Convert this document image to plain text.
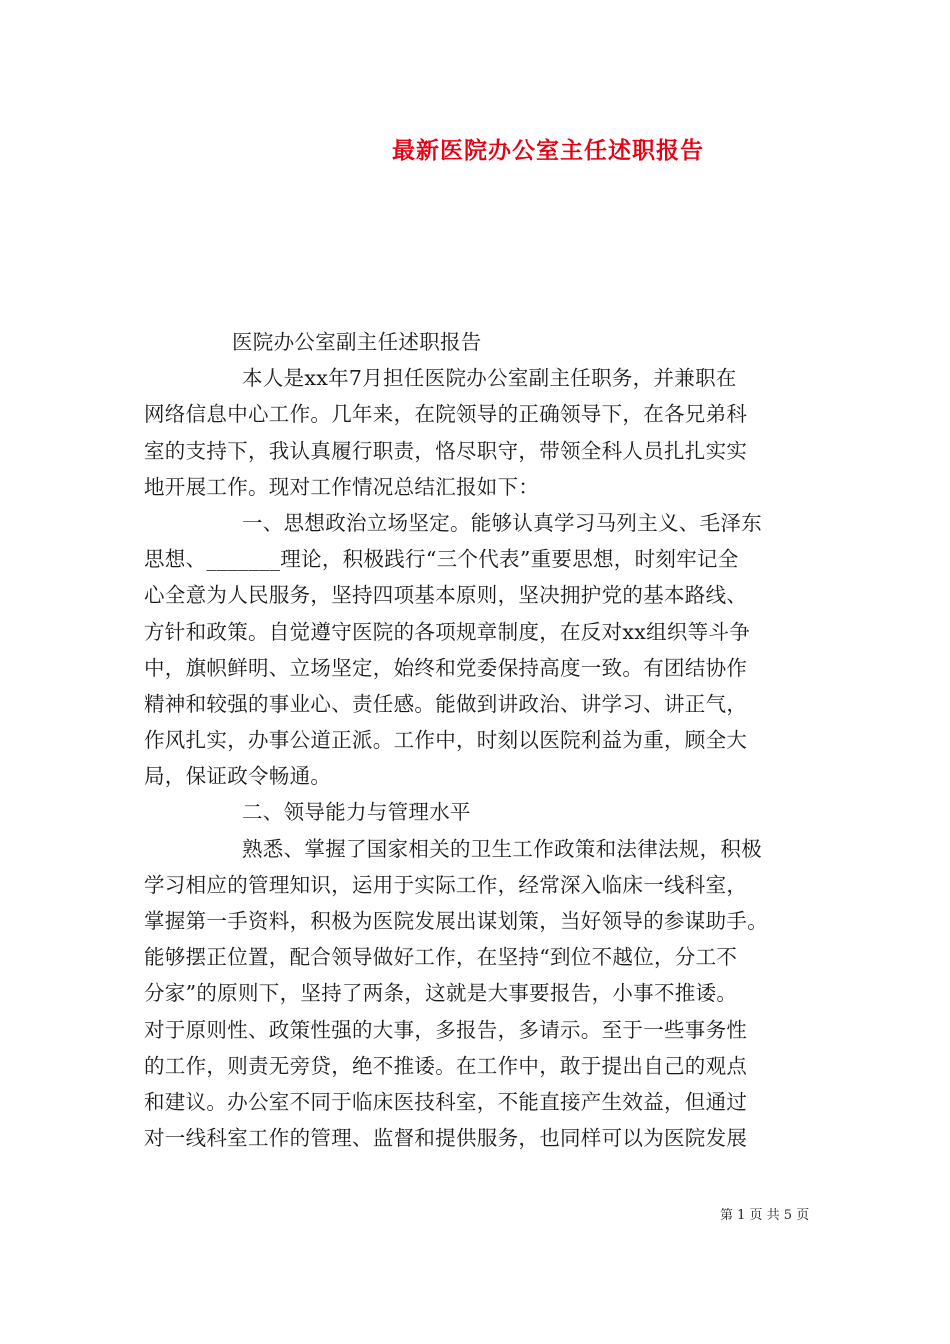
最新医院办公室主任述职报告
医院办公室副主任述职报告
本人是xx年7月担任医院办公室副主任职务，并兼职在
网络信息中心工作。几年来，在院领导的正确领导下，在各兄弟科
室的支持下，我认真履行职责，恪尽职守，带领全科人员扎扎实实
地开展工作。现对工作情况总结汇报如下：
一、思想政治立场坚定。能够认真学习马列主义、毛泽东
思想、_______理论，积极践行“三个代表”重要思想，时刻牢记全
心全意为人民服务，坚持四项基本原则，坚决拥护党的基本路线、
方针和政策。自觉遵守医院的各项规章制度，在反对xx组织等斗争
中，旗帜鲜明、立场坚定，始终和党委保持高度一致。有团结协作
精神和较强的事业心、责任感。能做到讲政治、讲学习、讲正气，
作风扎实，办事公道正派。工作中，时刻以医院利益为重，顾全大
局，保证政令畅通。
二、领导能力与管理水平
熟悉、掌握了国家相关的卫生工作政策和法律法规，积极
学习相应的管理知识，运用于实际工作，经常深入临床一线科室，
掌握第一手资料，积极为医院发展出谋划策，当好领导的参谋助手。
能够摆正位置，配合领导做好工作，在坚持“到位不越位，分工不
分家”的原则下，坚持了两条，这就是大事要报告，小事不推诿。
对于原则性、政策性强的大事，多报告，多请示。至于一些事务性
的工作，则责无旁贷，绝不推诿。在工作中，敢于提出自己的观点
和建议。办公室不同于临床医技科室，不能直接产生效益，但通过
对一线科室工作的管理、监督和提供服务，也同样可以为医院发展
第 1 页 共 5 页
